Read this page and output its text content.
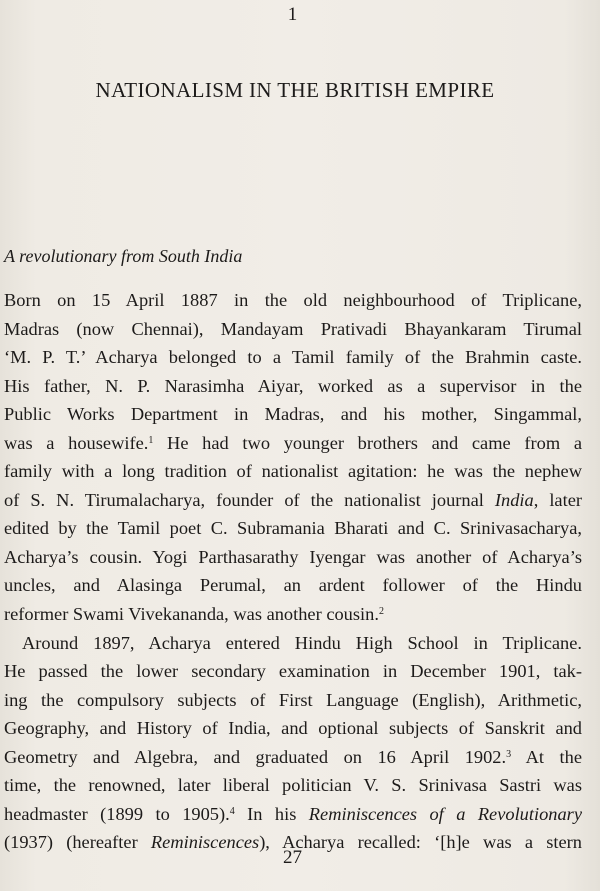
1
NATIONALISM IN THE BRITISH EMPIRE
A revolutionary from South India
Born on 15 April 1887 in the old neighbourhood of Triplicane,
Madras (now Chennai), Mandayam Prativadi Bhayankaram Tirumal
‘M. P. T.’ Acharya belonged to a Tamil family of the Brahmin caste.
His father, N. P. Narasimha Aiyar, worked as a supervisor in the
Public Works Department in Madras, and his mother, Singammal,
was a housewife.$^1$ He had two younger brothers and came from a
family with a long tradition of nationalist agitation: he was the nephew
of S. N. Tirumalacharya, founder of the nationalist journal India, later
edited by the Tamil poet C. Subramania Bharati and C. Srinivasacharya,
Acharya’s cousin. Yogi Parthasarathy Iyengar was another of Acharya’s
uncles, and Alasinga Perumal, an ardent follower of the Hindu
reformer Swami Vivekananda, was another cousin.$^2$
Around 1897, Acharya entered Hindu High School in Triplicane.
He passed the lower secondary examination in December 1901, tak-
ing the compulsory subjects of First Language (English), Arithmetic,
Geography, and History of India, and optional subjects of Sanskrit and
Geometry and Algebra, and graduated on 16 April 1902.$^3$ At the
time, the renowned, later liberal politician V. S. Srinivasa Sastri was
headmaster (1899 to 1905).$^4$ In his Reminiscences of a Revolutionary
(1937) (hereafter Reminiscences), Acharya recalled: ‘[h]e was a stern
27
